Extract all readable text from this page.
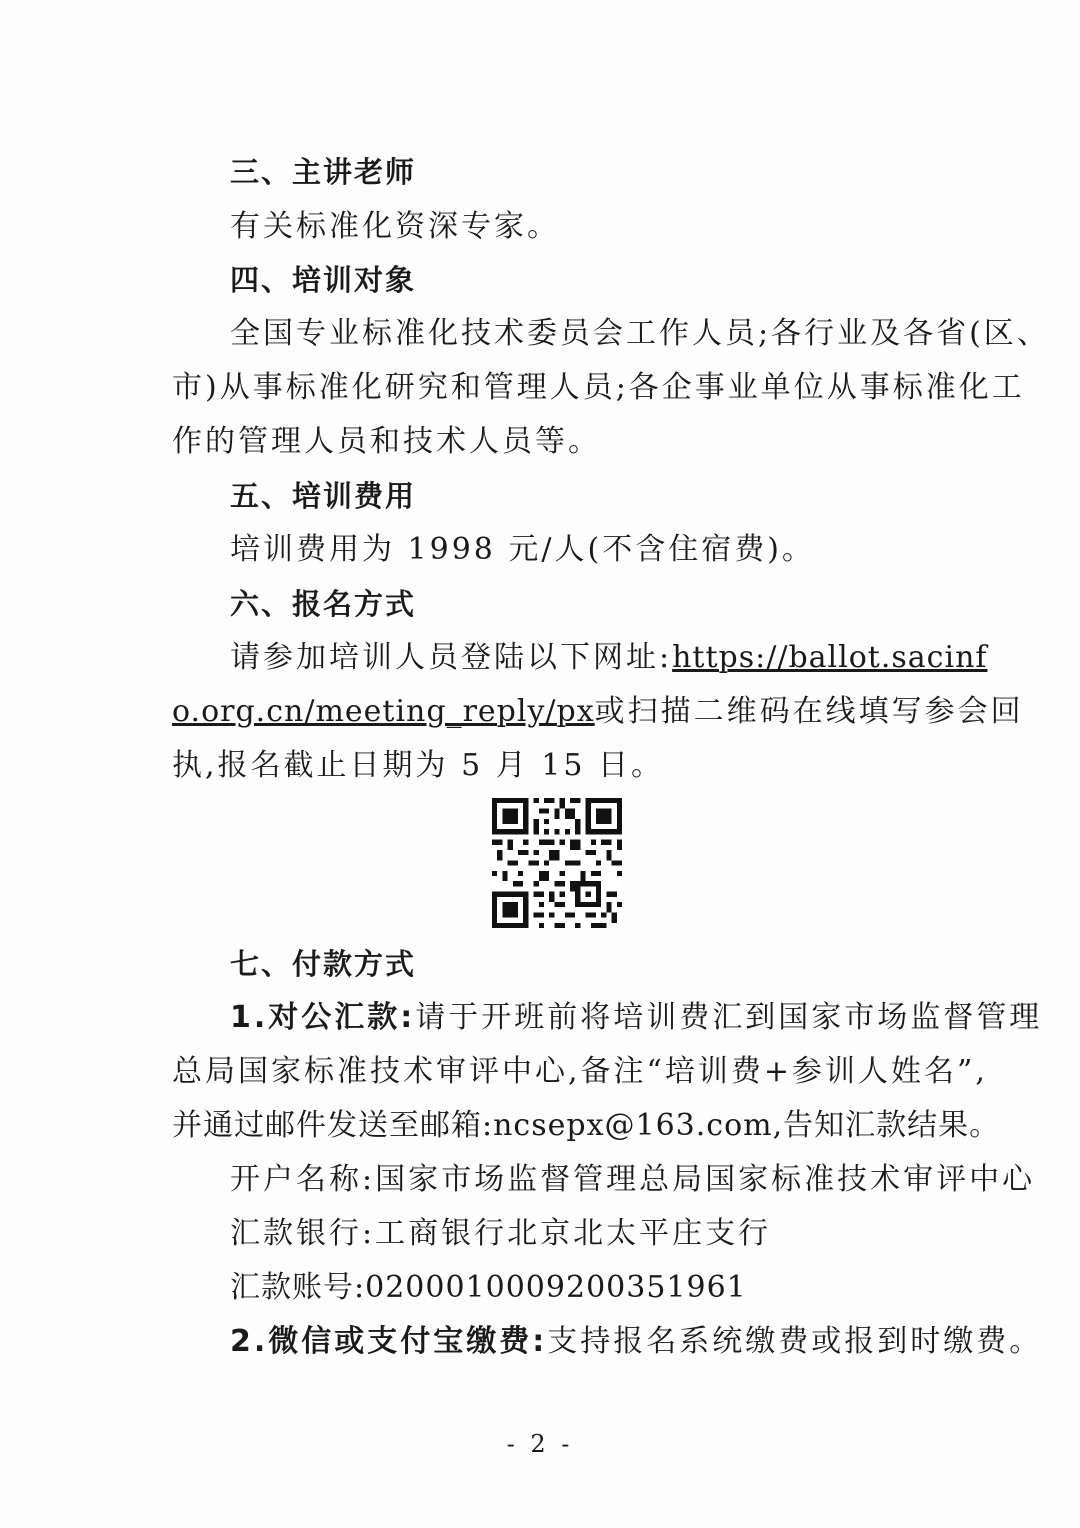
三、主讲老师
有关标准化资深专家。
四、培训对象
全国专业标准化技术委员会工作人员;各行业及各省(区、
市)从事标准化研究和管理人员;各企事业单位从事标准化工
作的管理人员和技术人员等。
五、培训费用
培训费用为 1998 元/人(不含住宿费)。
六、报名方式
请参加培训人员登陆以下网址:https://ballot.sacinf
o.org.cn/meeting_reply/px或扫描二维码在线填写参会回
执,报名截止日期为 5 月 15 日。
七、付款方式
1.对公汇款:请于开班前将培训费汇到国家市场监督管理
总局国家标准技术审评中心,备注“培训费+参训人姓名”,
并通过邮件发送至邮箱:ncsepx@163.com,告知汇款结果。
开户名称:国家市场监督管理总局国家标准技术审评中心
汇款银行:工商银行北京北太平庄支行
汇款账号:0200010009200351961
2.微信或支付宝缴费:支持报名系统缴费或报到时缴费。
- 2 -
